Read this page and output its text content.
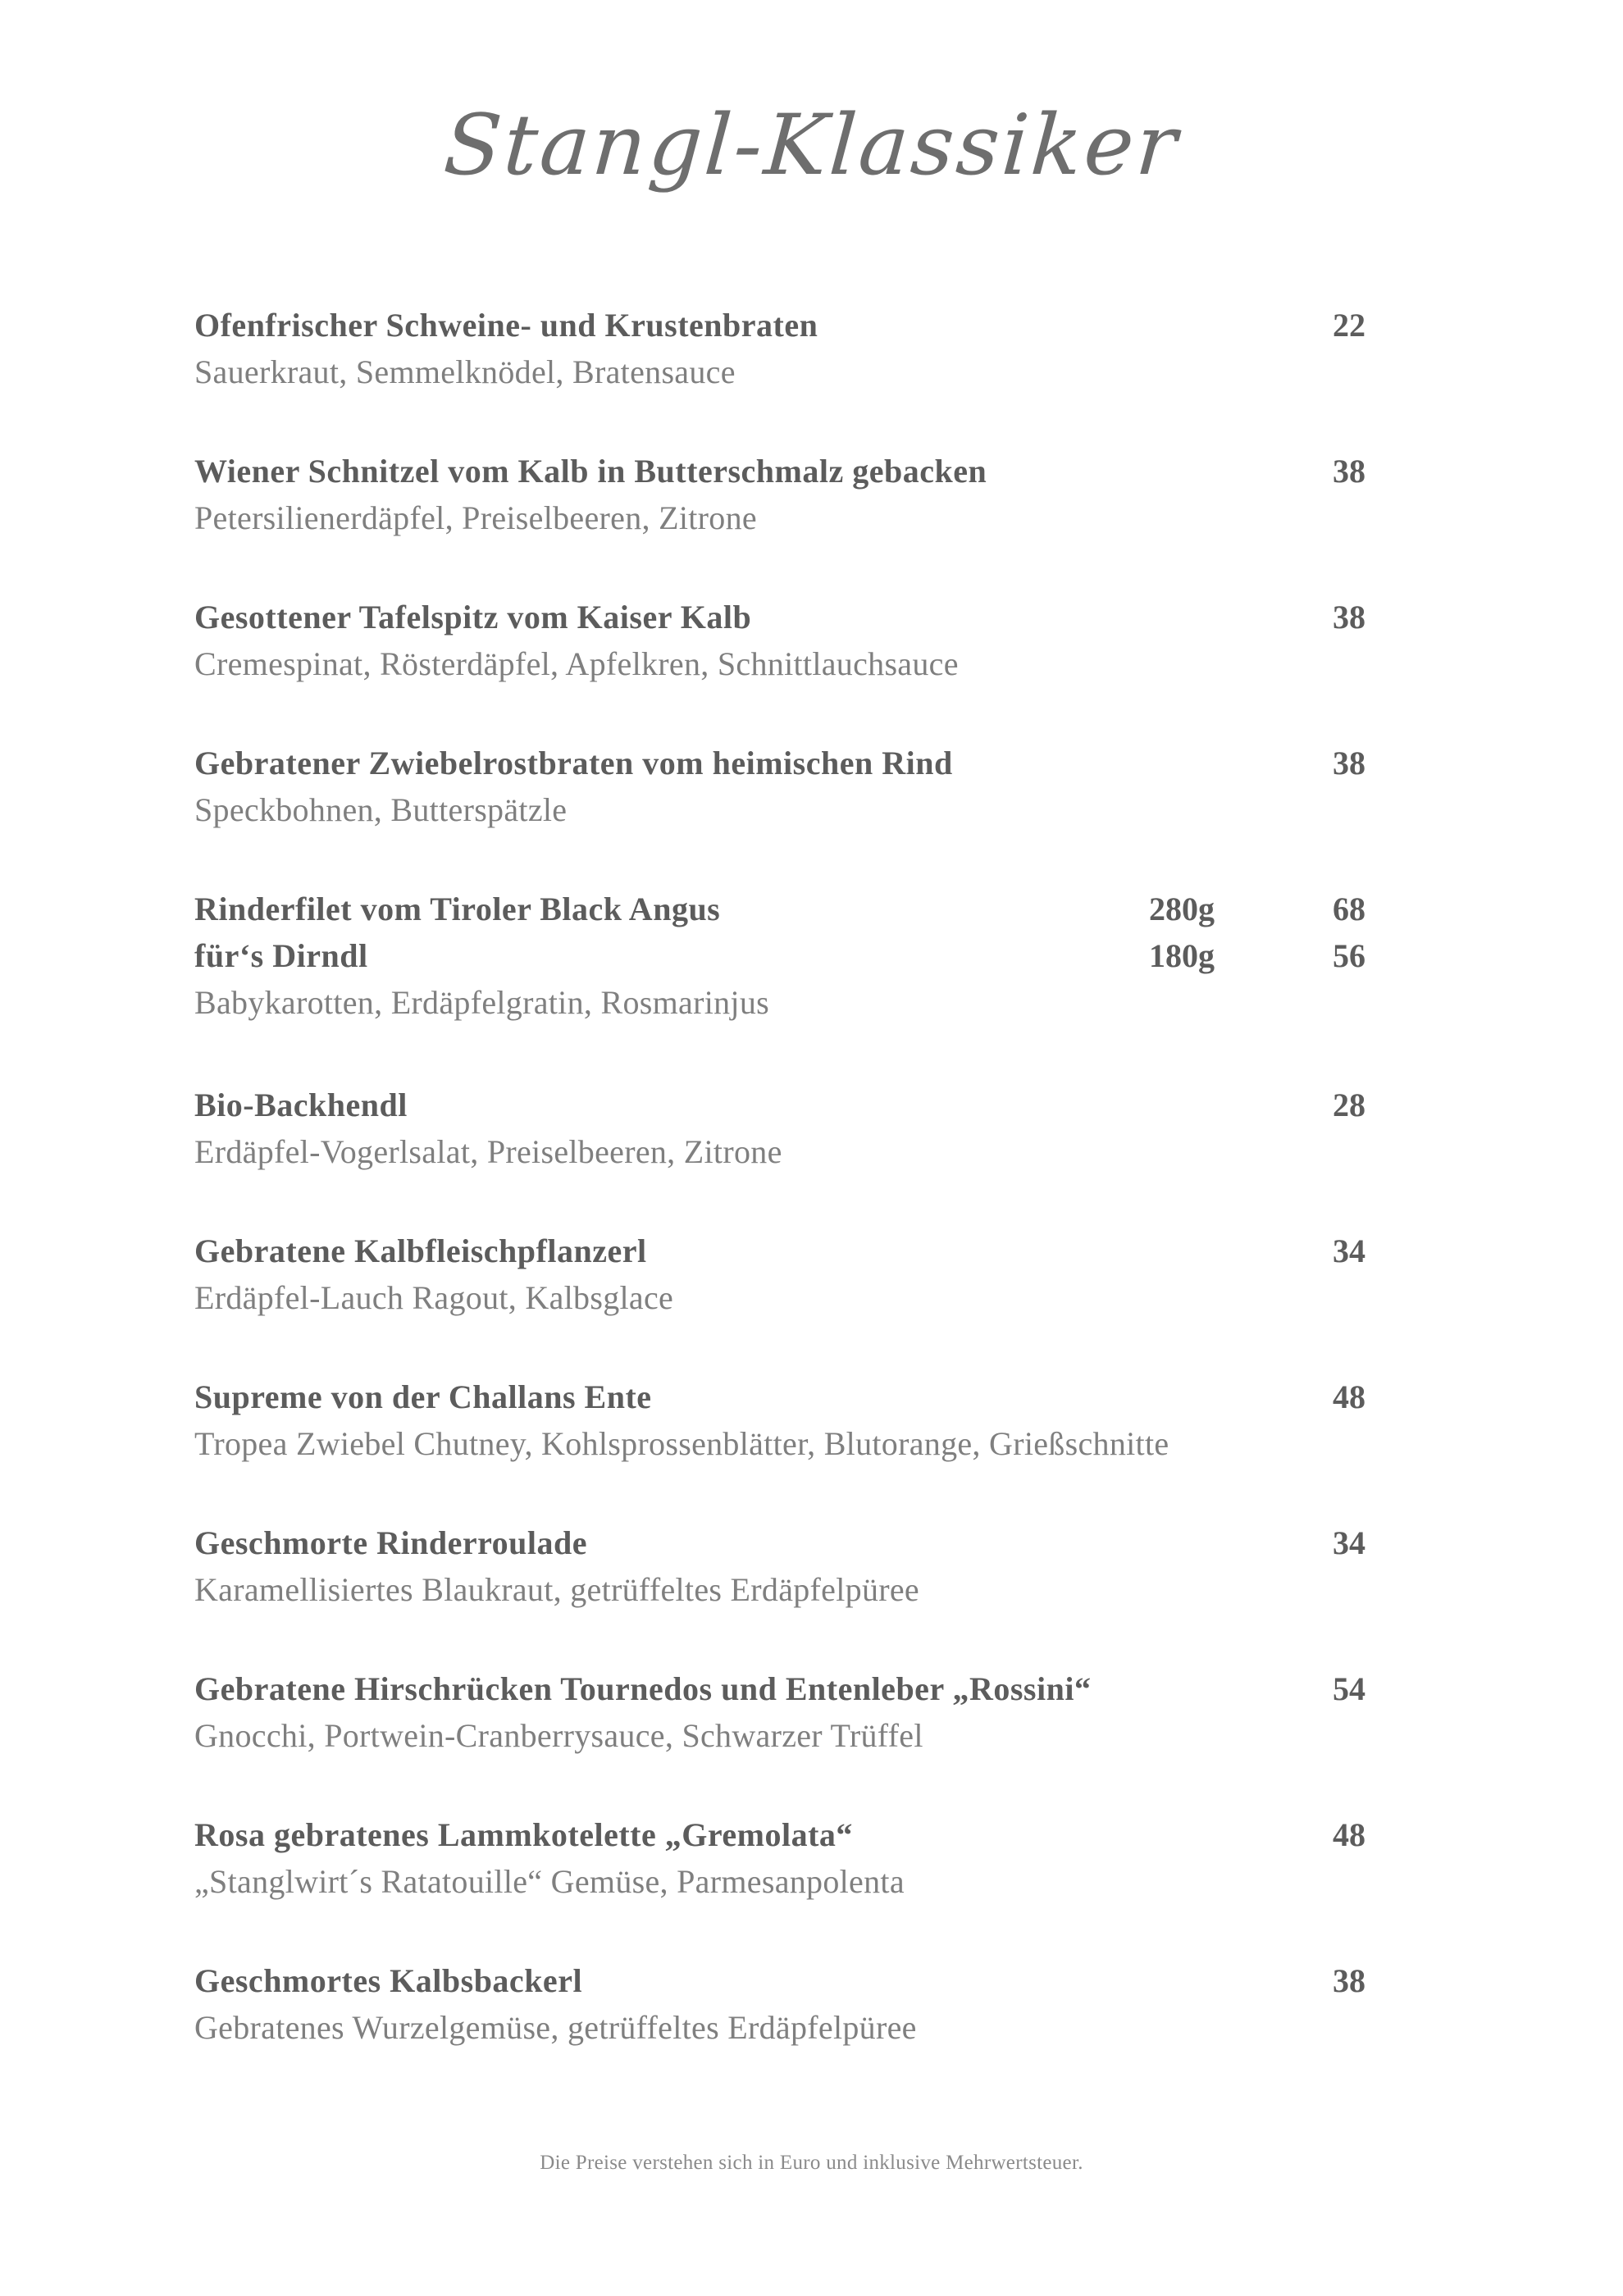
Stangl-Klassiker
Ofenfrischer Schweine- und Krustenbraten	22
Sauerkraut, Semmelknödel, Bratensauce
Wiener Schnitzel vom Kalb in Butterschmalz gebacken	38
Petersilienerdäpfel, Preiselbeeren, Zitrone
Gesottener Tafelspitz vom Kaiser Kalb	38
Cremespinat, Rösterdäpfel, Apfelkren, Schnittlauchsauce
Gebratener Zwiebelrostbraten vom heimischen Rind	38
Speckbohnen, Butterspätzle
Rinderfilet vom Tiroler Black Angus	280g	68
für‘s Dirndl	180g	56
Babykarotten, Erdäpfelgratin, Rosmarinjus
Bio-Backhendl	28
Erdäpfel-Vogerlsalat, Preiselbeeren, Zitrone
Gebratene Kalbfleischpflanzerl	34
Erdäpfel-Lauch Ragout, Kalbsglace
Supreme von der Challans Ente	48
Tropea Zwiebel Chutney, Kohlsprossenblätter, Blutorange, Grießschnitte
Geschmorte Rinderroulade	34
Karamellisiertes Blaukraut, getrüffeltes Erdäpfelpüree
Gebratene Hirschrücken Tournedos und Entenleber „Rossini“	54
Gnocchi, Portwein-Cranberrysauce, Schwarzer Trüffel
Rosa gebratenes Lammkotelette „Gremolata“	48
„Stanglwirt´s Ratatouille“ Gemüse, Parmesanpolenta
Geschmortes Kalbsbackerl	38
Gebratenes Wurzelgemüse, getrüffeltes Erdäpfelpüree
Die Preise verstehen sich in Euro und inklusive Mehrwertsteuer.
